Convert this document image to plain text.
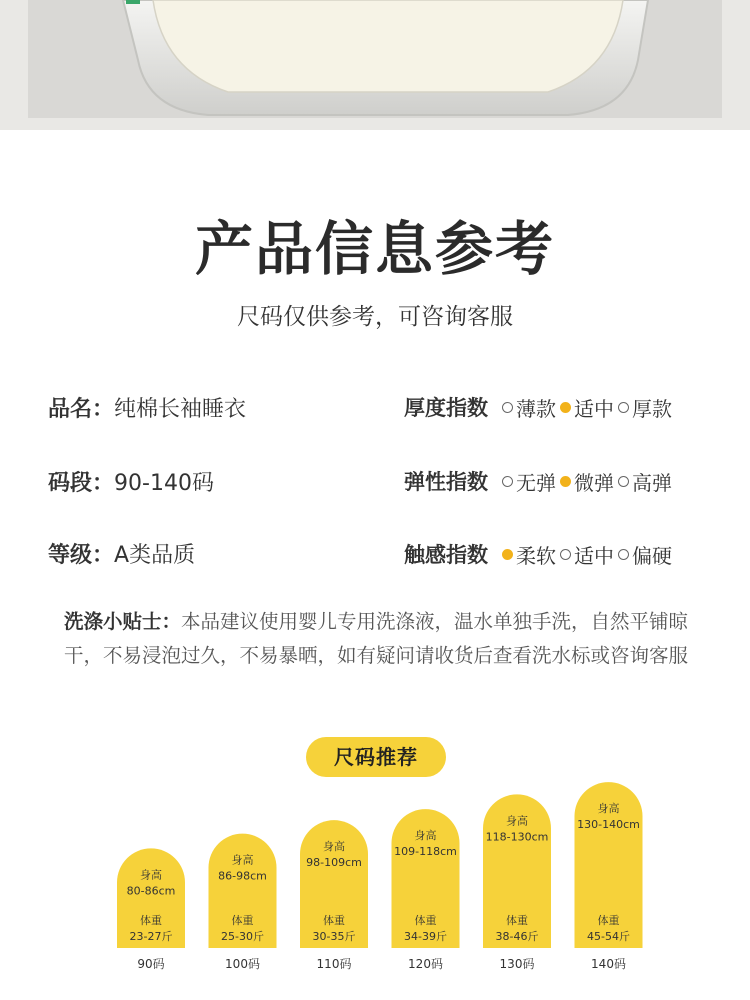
产品信息参考
尺码仅供参考，可咨询客服
品名：纯棉长袖睡衣
码段：90-140码
等级：A类品质
厚度指数 薄款 适中 厚款
弹性指数 无弹 微弹 高弹
触感指数 柔软 适中 偏硬
洗涤小贴士：本品建议使用婴儿专用洗涤液，温水单独手洗，自然平铺晾干，不易浸泡过久，不易暴晒，如有疑问请收货后查看洗水标或咨询客服
尺码推荐
身高
80-86cm
体重
23-27斤
90码
身高
86-98cm
体重
25-30斤
100码
身高
98-109cm
体重
30-35斤
110码
身高
109-118cm
体重
34-39斤
120码
身高
118-130cm
体重
38-46斤
130码
身高
130-140cm
体重
45-54斤
140码
